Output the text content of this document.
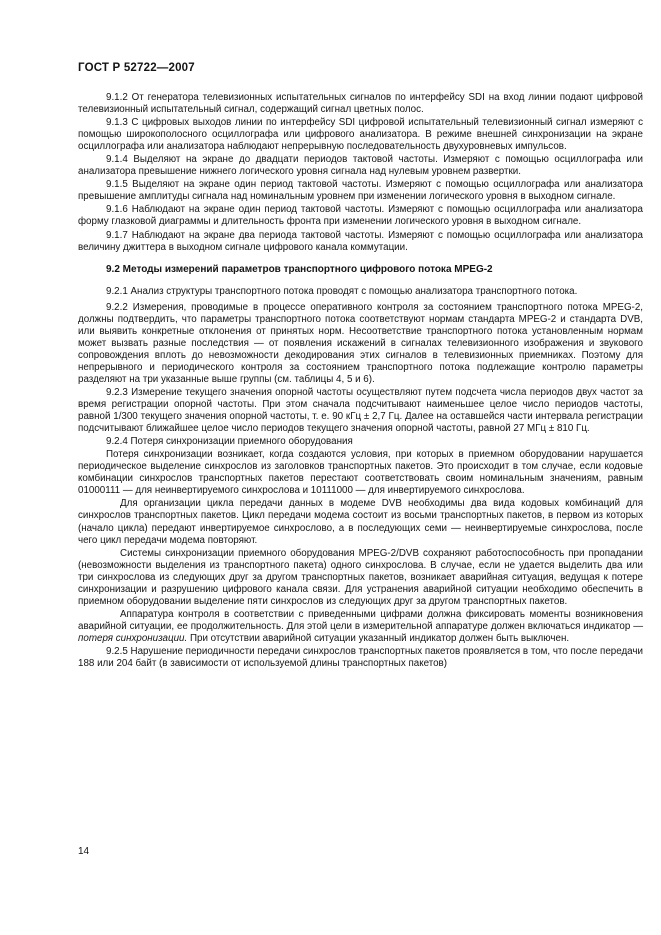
ГОСТ Р 52722—2007

9.1.2 От генератора телевизионных испытательных сигналов по интерфейсу SDI на вход линии подают цифровой телевизионный испытательный сигнал, содержащий сигнал цветных полос.

9.1.3 С цифровых выходов линии по интерфейсу SDI цифровой испытательный телевизионный сигнал измеряют с помощью широкополосного осциллографа или цифрового анализатора. В режиме внешней синхронизации на экране осциллографа или анализатора наблюдают непрерывную последовательность двухуровневых импульсов.

9.1.4 Выделяют на экране до двадцати периодов тактовой частоты. Измеряют с помощью осциллографа или анализатора превышение нижнего логического уровня сигнала над нулевым уровнем развертки.

9.1.5 Выделяют на экране один период тактовой частоты. Измеряют с помощью осциллографа или анализатора превышение амплитуды сигнала над номинальным уровнем при изменении логического уровня в выходном сигнале.

9.1.6 Наблюдают на экране один период тактовой частоты. Измеряют с помощью осциллографа или анализатора форму глазковой диаграммы и длительность фронта при изменении логического уровня в выходном сигнале.

9.1.7 Наблюдают на экране два периода тактовой частоты. Измеряют с помощью осциллографа или анализатора величину джиттера в выходном сигнале цифрового канала коммутации.

9.2 Методы измерений параметров транспортного цифрового потока MPEG-2

9.2.1 Анализ структуры транспортного потока проводят с помощью анализатора транспортного потока.

9.2.2 Измерения, проводимые в процессе оперативного контроля за состоянием транспортного потока MPEG-2, должны подтвердить, что параметры транспортного потока соответствуют нормам стандарта MPEG-2 и стандарта DVB, или выявить конкретные отклонения от принятых норм. Несоответствие транспортного потока установленным нормам может вызвать разные последствия — от появления искажений в сигналах телевизионного изображения и звукового сопровождения вплоть до невозможности декодирования этих сигналов в телевизионных приемниках. Поэтому для непрерывного и периодического контроля за состоянием транспортного потока подлежащие контролю параметры разделяют на три указанные выше группы (см. таблицы 4, 5 и 6).

9.2.3 Измерение текущего значения опорной частоты осуществляют путем подсчета числа периодов двух частот за время регистрации опорной частоты. При этом сначала подсчитывают наименьшее целое число периодов частоты, равной 1/300 текущего значения опорной частоты, т. е. 90 кГц ± 2,7 Гц. Далее на оставшейся части интервала регистрации подсчитывают ближайшее целое число периодов текущего значения опорной частоты, равной 27 МГц ± 810 Гц.

9.2.4 Потеря синхронизации приемного оборудования

Потеря синхронизации возникает, когда создаются условия, при которых в приемном оборудовании нарушается периодическое выделение синхрослов из заголовков транспортных пакетов. Это происходит в том случае, если кодовые комбинации синхрослов транспортных пакетов перестают соответствовать своим номинальным значениям, равным 01000111 — для неинвертируемого синхрослова и 10111000 — для инвертируемого синхрослова.

Для организации цикла передачи данных в модеме DVB необходимы два вида кодовых комбинаций для синхрослов транспортных пакетов. Цикл передачи модема состоит из восьми транспортных пакетов, в первом из которых (начало цикла) передают инвертируемое синхрослово, а в последующих семи — неинвертируемые синхрослова, после чего цикл передачи модема повторяют.

Системы синхронизации приемного оборудования MPEG-2/DVB сохраняют работоспособность при пропадании (невозможности выделения из транспортного пакета) одного синхрослова. В случае, если не удается выделить два или три синхрослова из следующих друг за другом транспортных пакетов, возникает аварийная ситуация, ведущая к потере синхронизации и разрушению цифрового канала связи. Для устранения аварийной ситуации необходимо обеспечить в приемном оборудовании выделение пяти синхрослов из следующих друг за другом транспортных пакетов.

Аппаратура контроля в соответствии с приведенными цифрами должна фиксировать моменты возникновения аварийной ситуации, ее продолжительность. Для этой цели в измерительной аппаратуре должен включаться индикатор — потеря синхронизации. При отсутствии аварийной ситуации указанный индикатор должен быть выключен.

9.2.5 Нарушение периодичности передачи синхрослов транспортных пакетов проявляется в том, что после передачи 188 или 204 байт (в зависимости от используемой длины транспортных пакетов)

14
